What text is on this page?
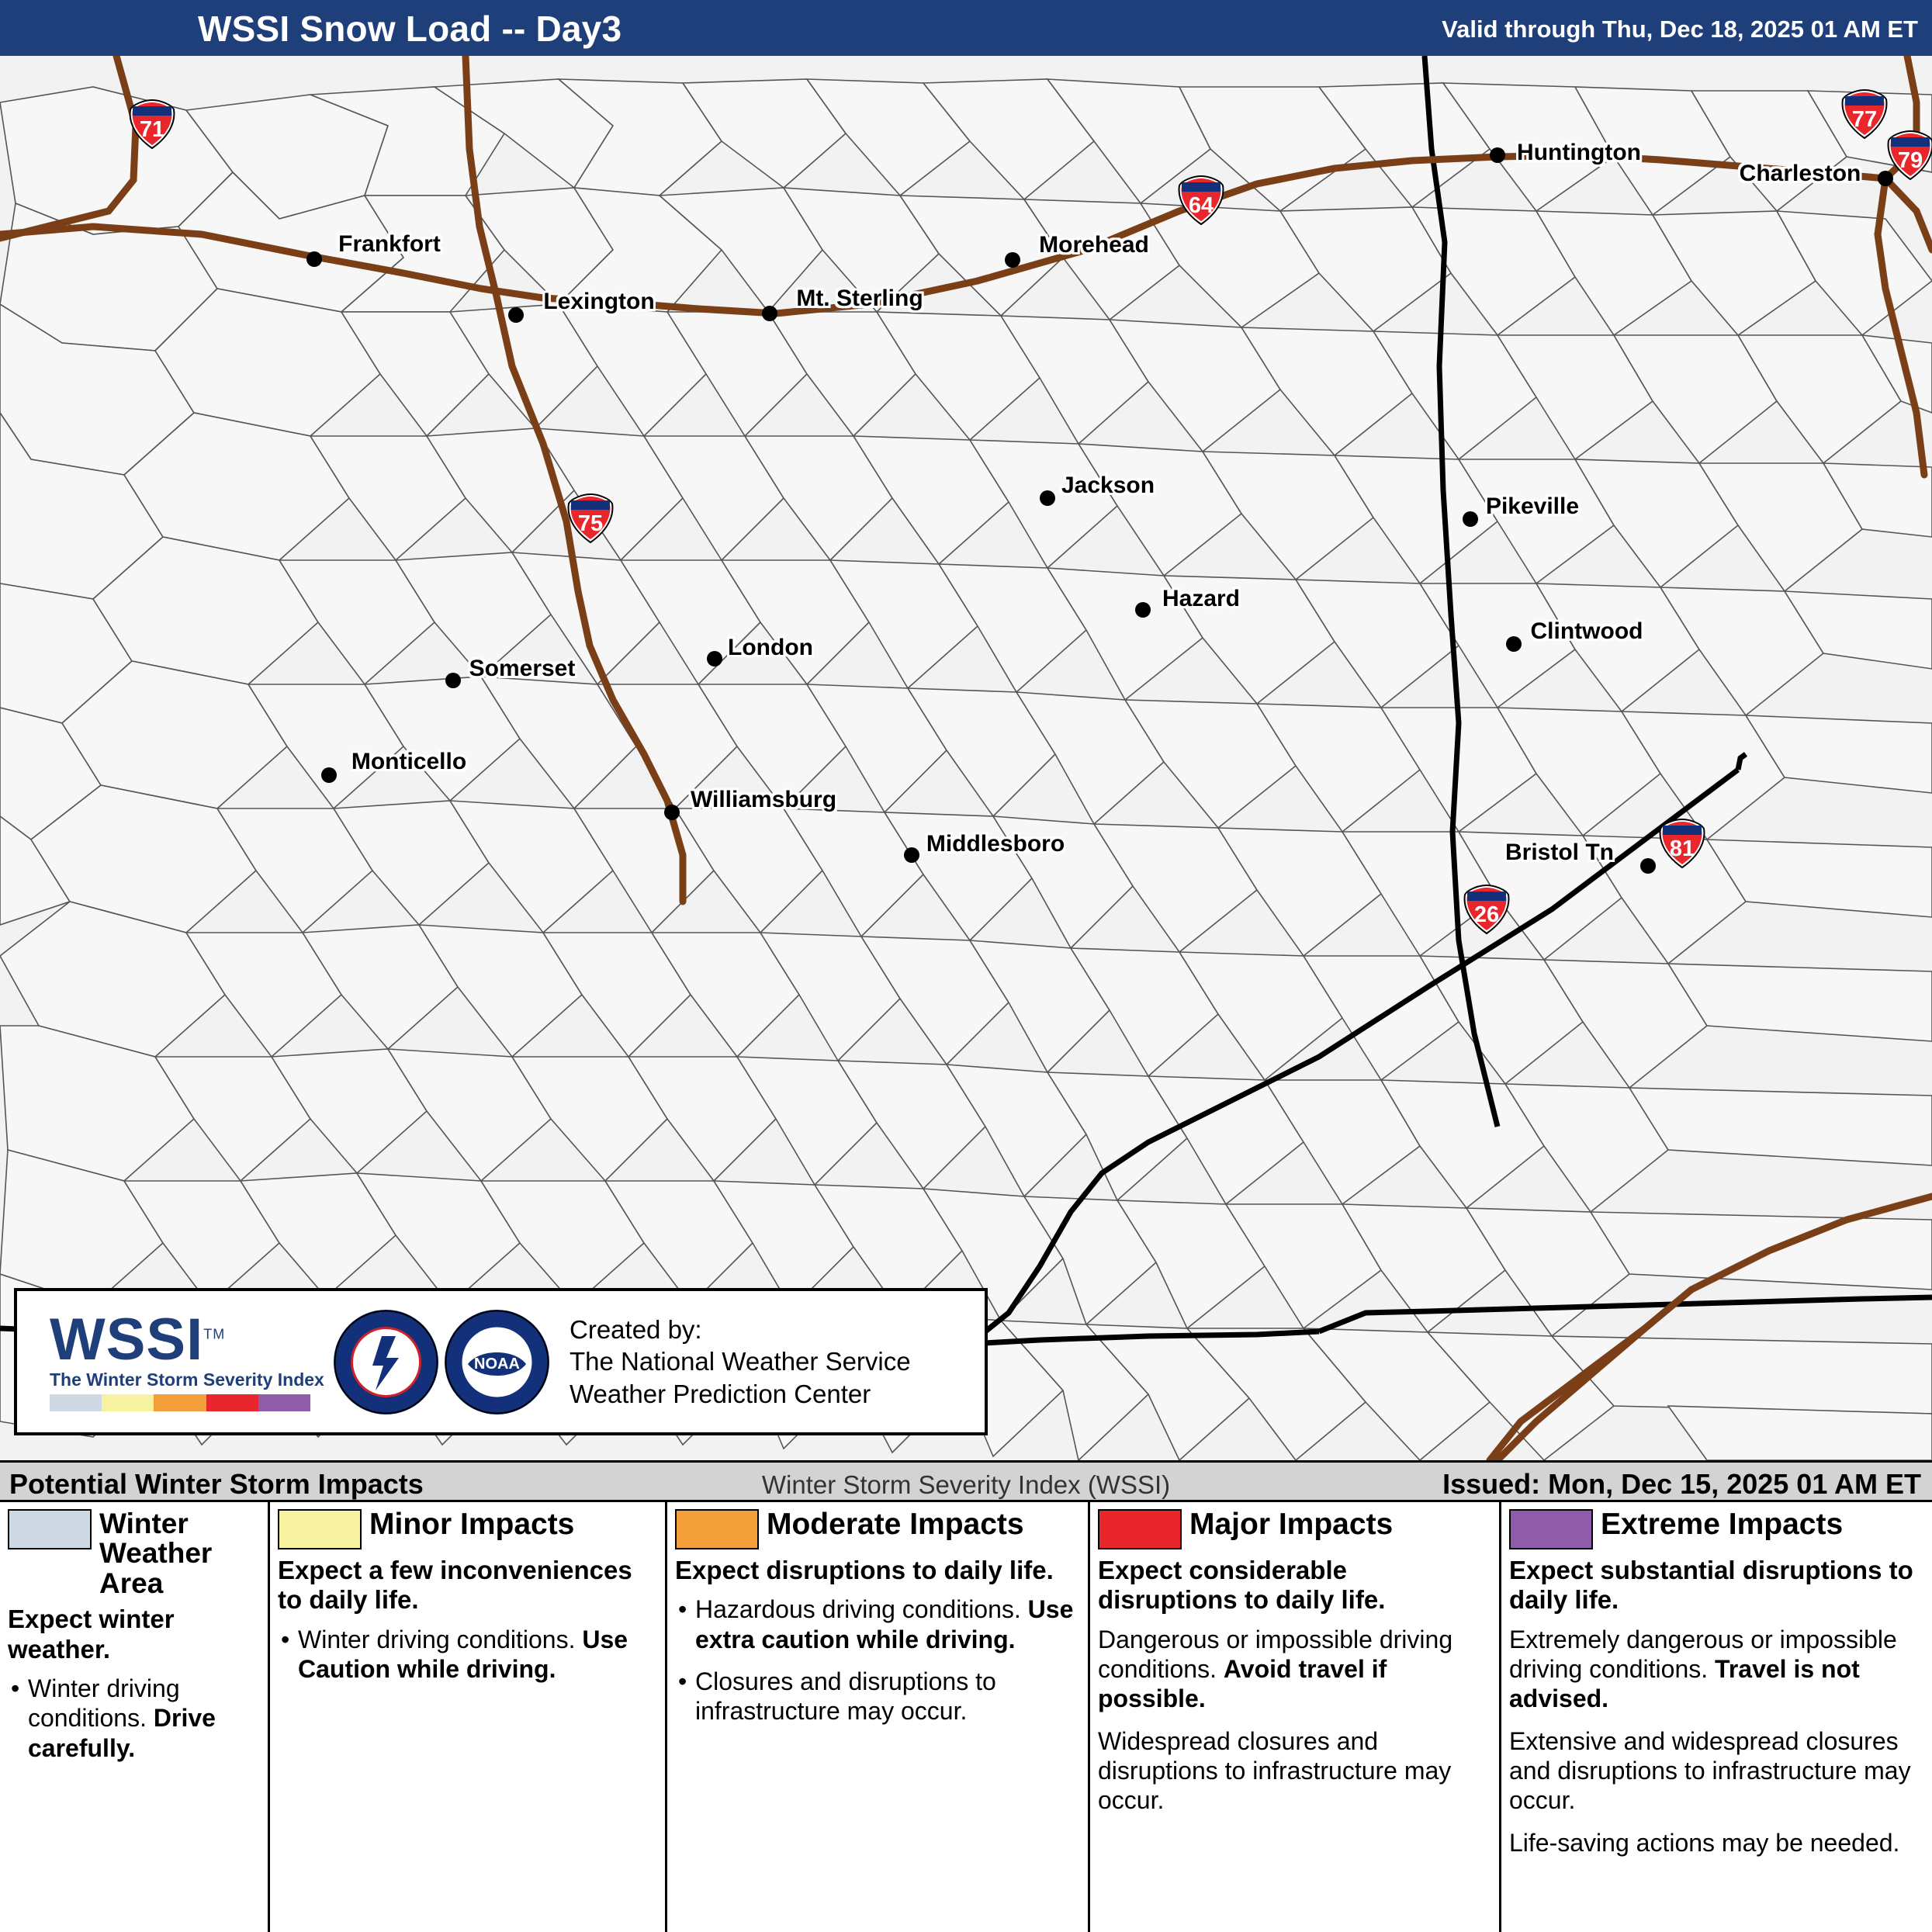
WSSI Snow Load -- Day3	Valid through Thu, Dec 18, 2025 01 AM ET
Huntington
Charleston
Frankfort	Morehead
Lexington	Mt. Sterling
Jackson
Pikeville
Hazard
Clintwood
London
Somerset
Monticello
Williamsburg
Middlesboro	Bristol Tn
71	77
79
64
75
81
26
WSSI™
The Winter Storm Severity Index
NOAA
Created by:
The National Weather Service
Weather Prediction Center
Potential Winter Storm Impacts	Winter Storm Severity Index (WSSI)	Issued: Mon, Dec 15, 2025 01 AM ET
Winter Weather Area
Expect winter weather.
• Winter driving conditions. Drive carefully.
Minor Impacts
Expect a few inconveniences to daily life.
• Winter driving conditions. Use Caution while driving.
Moderate Impacts
Expect disruptions to daily life.
• Hazardous driving conditions. Use extra caution while driving.
• Closures and disruptions to infrastructure may occur.
Major Impacts
Expect considerable disruptions to daily life.
Dangerous or impossible driving conditions. Avoid travel if possible.
Widespread closures and disruptions to infrastructure may occur.
Extreme Impacts
Expect substantial disruptions to daily life.
Extremely dangerous or impossible driving conditions. Travel is not advised.
Extensive and widespread closures and disruptions to infrastructure may occur.
Life-saving actions may be needed.
